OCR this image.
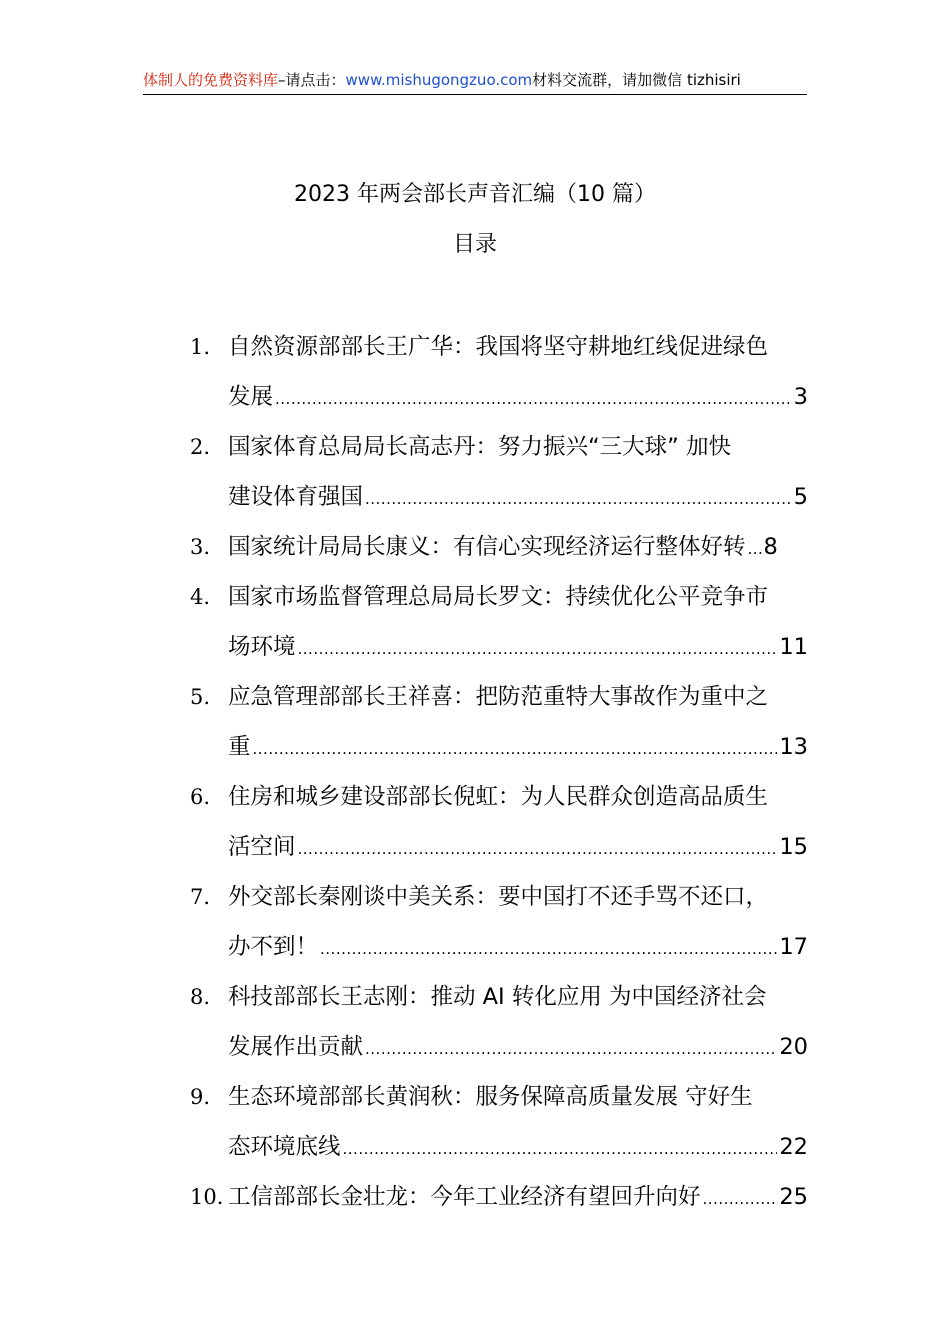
体制人的免费资料库–请点击：www.mishugongzuo.com材料交流群，请加微信 tizhisiri
2023 年两会部长声音汇编（10 篇）
目录
1. 自然资源部部长王广华：我国将坚守耕地红线促进绿色
发展 .....	3
2. 国家体育总局局长高志丹：努力振兴“三大球” 加快
建设体育强国 .....	5
3. 国家统计局局长康义：有信心实现经济运行整体好转 ..... 8
4. 国家市场监督管理总局局长罗文：持续优化公平竞争市
场环境 .....	11
5. 应急管理部部长王祥喜：把防范重特大事故作为重中之
重 .....	13
6. 住房和城乡建设部部长倪虹：为人民群众创造高品质生
活空间 .....	15
7. 外交部长秦刚谈中美关系：要中国打不还手骂不还口，
办不到！ .....	17
8. 科技部部长王志刚：推动 AI 转化应用 为中国经济社会
发展作出贡献 .....	20
9. 生态环境部部长黄润秋：服务保障高质量发展 守好生
态环境底线 .....	22
10. 工信部部长金壮龙：今年工业经济有望回升向好 .....	25
